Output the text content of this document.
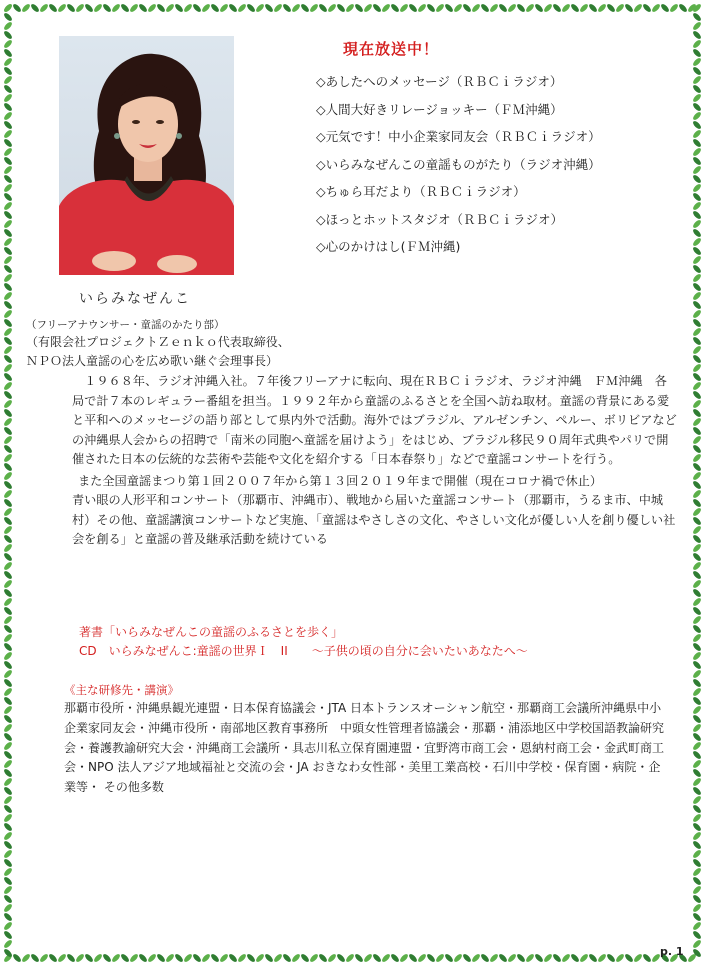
現在放送中！
◇あしたへのメッセージ（ＲＢＣｉラジオ）
◇人間大好きリレージョッキー（ＦＭ沖縄）
◇元気です！中小企業家同友会（ＲＢＣｉラジオ）
◇いらみなぜんこの童謡ものがたり（ラジオ沖縄）
◇ちゅら耳だより（ＲＢＣｉラジオ）
◇ほっとホットスタジオ（ＲＢＣｉラジオ）
◇心のかけはし(ＦＭ沖縄)
いらみなぜんこ
（フリーアナウンサー・童謡のかたり部）
（有限会社プロジェクトＺｅｎｋｏ代表取締役、
ＮＰＯ法人童謡の心を広め歌い継ぐ会理事長）

１９６８年、ラジオ沖縄入社。７年後フリーアナに転向、現在ＲＢＣｉラジオ、ラジオ沖縄　ＦＭ沖縄　各局で計７本のレギュラー番組を担当。１９９２年から童謡のふるさとを全国へ訪ね取材。童謡の背景にある愛と平和へのメッセージの語り部として県内外で活動。海外ではブラジル、アルゼンチン、ペルー、ボリビアなどの沖縄県人会からの招聘で「南米の同胞へ童謡を届けよう」をはじめ、ブラジル移民９０周年式典やパリで開催された日本の伝統的な芸術や芸能や文化を紹介する「日本春祭り」などで童謡コンサートを行う。

また全国童謡まつり第１回２００７年から第１３回２０１９年まで開催（現在コロナ禍で休止）

青い眼の人形平和コンサート（那覇市、沖縄市）、戦地から届いた童謡コンサート（那覇市，うるま市、中城村）その他、童謡講演コンサートなど実施、「童謡はやさしさの文化、やさしい文化が優しい人を創り優しい社会を創る」と童謡の普及継承活動を続けている

著書「いらみなぜんこの童謡のふるさとを歩く」
CD　いらみなぜんこ:童謡の世界Ｉ　II　　〜子供の頃の自分に会いたいあなたへ〜
《主な研修先・講演》
那覇市役所・沖縄県観光連盟・日本保育協議会・JTA 日本トランスオーシャン航空・那覇商工会議所沖縄県中小企業家同友会・沖縄市役所・南部地区教育事務所　中頭女性管理者協議会・那覇・浦添地区中学校国語教論研究会・養護教諭研究大会・沖縄商工会議所・具志川私立保育園連盟・宜野湾市商工会・恩納村商工会・金武町商工会・NPO 法人アジア地域福祉と交流の会・JA おきなわ女性部・美里工業高校・石川中学校・保育園・病院・企業等・ その他多数
p. 1
